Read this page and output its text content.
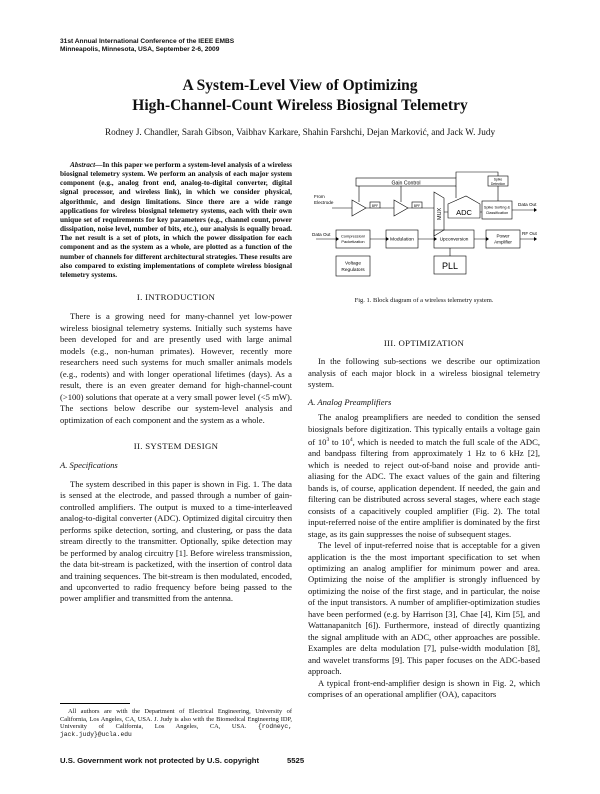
31st Annual International Conference of the IEEE EMBS
Minneapolis, Minnesota, USA, September 2-6, 2009
A System-Level View of Optimizing
High-Channel-Count Wireless Biosignal Telemetry
Rodney J. Chandler, Sarah Gibson, Vaibhav Karkare, Shahin Farshchi, Dejan Marković, and Jack W. Judy

Abstract—In this paper we perform a system-level analysis of a wireless biosignal telemetry system. We perform an analysis of each major system component (e.g., analog front end, analog-to-digital converter, digital signal processor, and wireless link), in which we consider physical, algorithmic, and design limitations. Since there are a wide range applications for wireless biosignal telemetry systems, each with their own unique set of requirements for key parameters (e.g., channel count, power dissipation, noise level, number of bits, etc.), our analysis is equally broad. The net result is a set of plots, in which the power dissipation for each component and as the system as a whole, are plotted as a function of the number of channels for different architectural strategies. These results are also compared to existing implementations of complete wireless biosignal telemetry systems.

I. INTRODUCTION

There is a growing need for many-channel yet low-power wireless biosignal telemetry systems. Initially such systems have been developed for and are presently used with large animal models (e.g., non-human primates). However, recently more researchers need such systems for much smaller animals models (e.g., rodents) and with longer operational lifetimes (days). As a result, there is an even greater demand for high-channel-count (>100) solutions that operate at a very small power level (<5 mW). The sections below describe our system-level analysis and optimization of each component and the system as a whole.

II. SYSTEM DESIGN
A. Specifications

The system described in this paper is shown in Fig. 1. The data is sensed at the electrode, and passed through a number of gain-controlled amplifiers. The output is muxed to a time-interleaved analog-to-digital converter (ADC). Optimized digital circuitry then performs spike detection, sorting, and clustering, or pass the data stream directly to the transmitter. Optionally, spike detection may be performed by analog circuitry [1]. Before wireless transmission, the data bit-stream is packetized, with the insertion of control data and training sequences. The bit-stream is then modulated, encoded, and upconverted to radio frequency before being passed to the power amplifier and transmitted from the antenna.

All authors are with the Department of Electrical Engineering, University of California, Los Angeles, CA, USA. J. Judy is also with the Biomedical Engineering IDP, University of California, Los Angeles, CA, USA. {rodneyc, jack.judy}@ucla.edu

Gain Control
From
Electrode
BPF	BPF
MUX ADC
Spike
Detection
Spike Sorting &
Classification
Data Out
Data Out	Compression/
Packetization	Modulation	Upconversion
Power
Amplifier
RF Out
Voltage
Regulators	PLL
Fig. 1. Block diagram of a wireless telemetry system.
III. OPTIMIZATION

In the following sub-sections we describe our optimization analysis of each major block in a wireless biosignal telemetry system.

A. Analog Preamplifiers

The analog preamplifiers are needed to condition the sensed biosignals before digitization. This typically entails a voltage gain of $10^3$ to $10^4$, which is needed to match the full scale of the ADC, and bandpass filtering from approximately 1 Hz to 6 kHz [2], which is needed to reject out-of-band noise and provide anti-aliasing for the ADC. The exact values of the gain and filtering bands is, of course, application dependent. If needed, the gain and filtering can be distributed across several stages, where each stage consists of a capacitively coupled amplifier (Fig. 2). The total input-referred noise of the entire amplifier is dominated by the first stage, as its gain suppresses the noise of subsequent stages.

The level of input-referred noise that is acceptable for a given application is the the most important specification to set when optimizing an analog amplifier for minimum power and area. Optimizing the noise of the amplifier is strongly influenced by optimizing the noise of the first stage, and in particular, the noise of the input transistors. A number of amplifier-optimization studies have been performed (e.g. by Harrison [3], Chae [4], Kim [5], and Wattanapanitch [6]). Furthermore, instead of directly quantizing the signal amplitude with an ADC, other approaches are possible. Examples are delta modulation [7], pulse-width modulation [8], and wavelet transforms [9]. This paper focuses on the ADC-based approach.

A typical front-end-amplifier design is shown in Fig. 2, which comprises of an operational amplifier (OA), capacitors

U.S. Government work not protected by U.S. copyright	5525
